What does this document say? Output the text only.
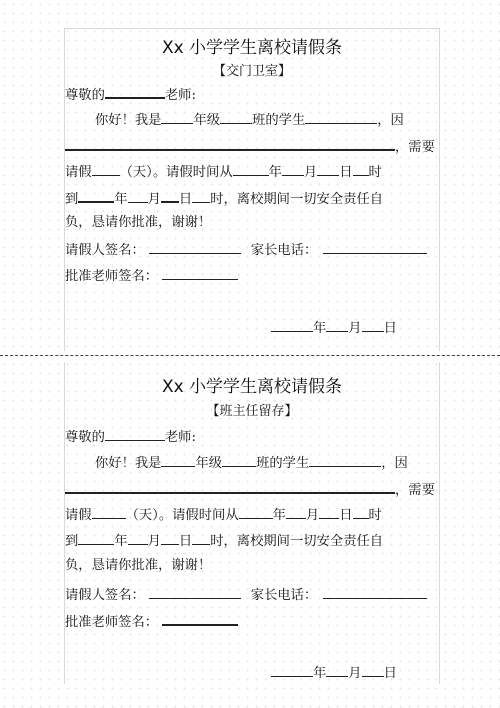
Xx 小学学生离校请假条
【交门卫室】
尊敬的	老师:
你好！我是 年级 班的学生	，因
，需要
请假 （天）。请假时间从	年 月 日 时
到	年 月 日 时，离校期间一切安全责任自
负，恳请你批准，谢谢！
请假人签名：	家长电话：
批准老师签名：
年 月 日
Xx 小学学生离校请假条
【班主任留存】
尊敬的	老师:
你好！我是	年级	班的学生	，因
，需要
请假	（天）。请假时间从	年 月 日 时
到	年 月 日 时，离校期间一切安全责任自
负，恳请你批准，谢谢！
请假人签名：	家长电话：
批准老师签名：
年 月 日
